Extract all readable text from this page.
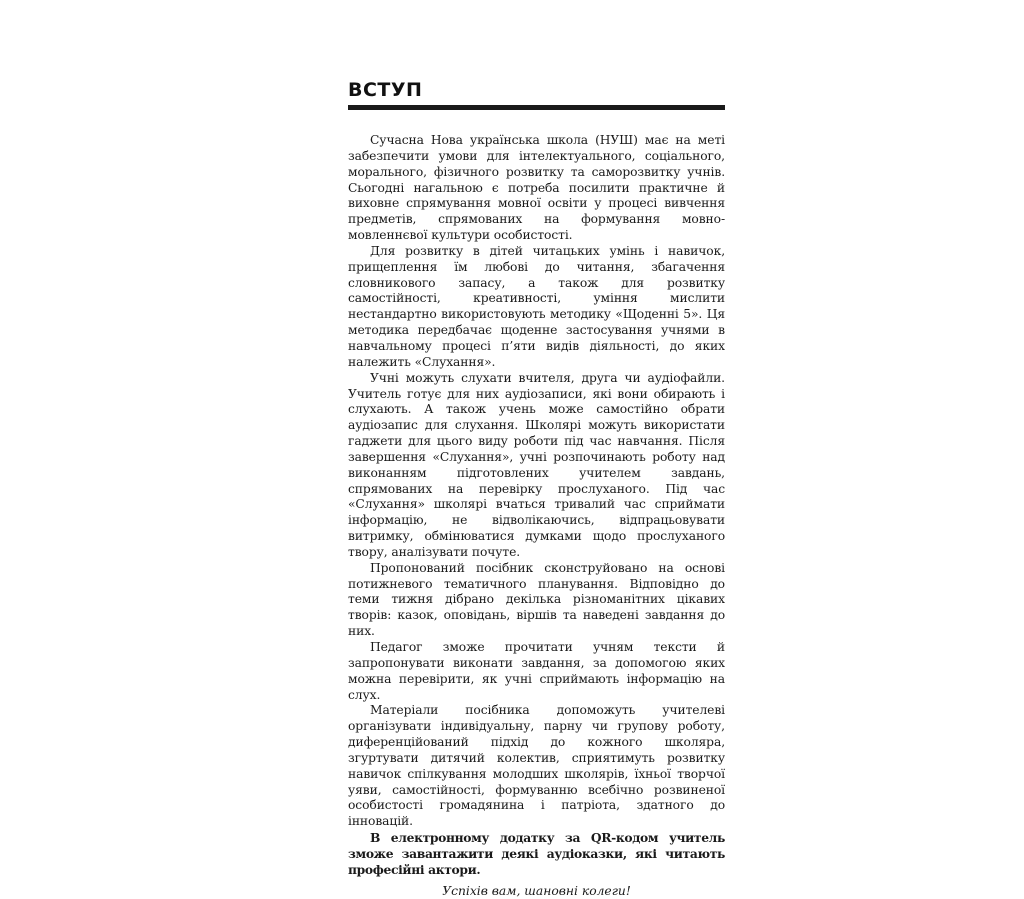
ВСТУП

Сучасна Нова українська школа (НУШ) має на меті забезпечити умови для інтелектуального, соціального, морального, фізичного розвитку та саморозвитку учнів. Сьогодні нагальною є потреба посилити практичне й виховне спрямування мовної освіти у процесі вивчення предметів, спрямованих на формування мовно-мовленнєвої культури особистості.

Для розвитку в дітей читацьких умінь і навичок, прищеплення їм любові до читання, збагачення словникового запасу, а також для розвитку самостійності, креативності, уміння мислити нестандартно використовують методику «Щоденні 5». Ця методика передбачає щоденне застосування учнями в навчальному процесі п’яти видів діяльності, до яких належить «Слухання».

Учні можуть слухати вчителя, друга чи аудіофайли. Учитель готує для них аудіозаписи, які вони обирають і слухають. А також учень може самостійно обрати аудіозапис для слухання. Школярі можуть використати гаджети для цього виду роботи під час навчання. Після завершення «Слухання», учні розпочинають роботу над виконанням підготовлених учителем завдань, спрямованих на перевірку прослуханого. Під час «Слухання» школярі вчаться тривалий час сприймати інформацію, не відволікаючись, відпрацьовувати витримку, обмінюватися думками щодо прослуханого твору, аналізувати почуте.

Пропонований посібник сконструйовано на основі потижневого тематичного планування. Відповідно до теми тижня дібрано декілька різноманітних цікавих творів: казок, оповідань, віршів та наведені завдання до них.

Педагог зможе прочитати учням тексти й запропонувати виконати завдання, за допомогою яких можна перевірити, як учні сприймають інформацію на слух.

Матеріали посібника допоможуть учителеві організувати індивідуальну, парну чи групову роботу, диференційований підхід до кожного школяра, згуртувати дитячий колектив, сприятимуть розвитку навичок спілкування молодших школярів, їхньої творчої уяви, самостійності, формуванню всебічно розвиненої особистості громадянина і патріота, здатного до інновацій.

В електронному додатку за QR-кодом учитель зможе завантажити деякі аудіоказки, які читають професійні актори.

Успіхів вам, шановні колеги!
